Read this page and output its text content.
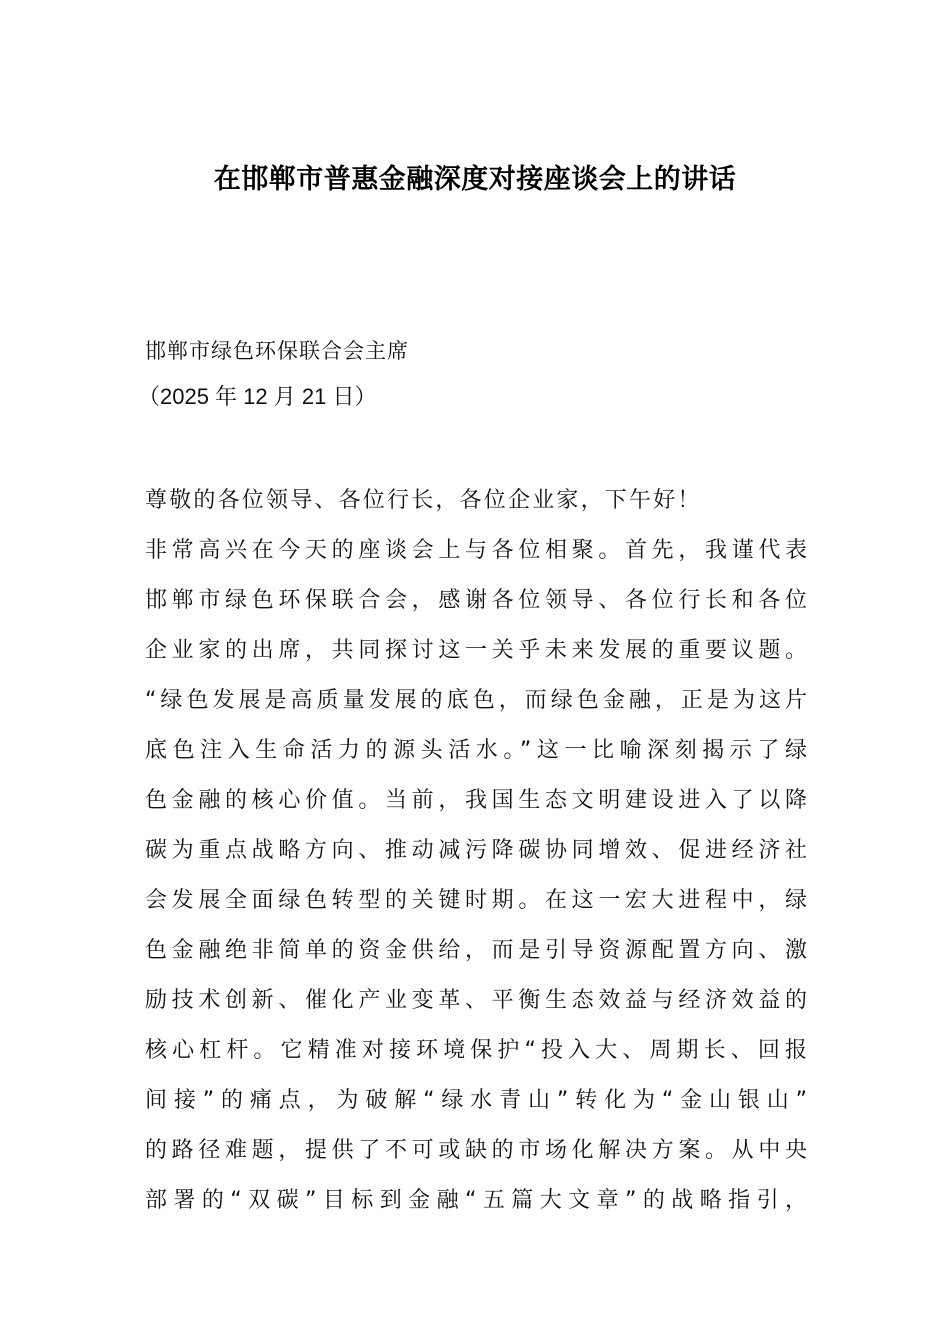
在邯郸市普惠金融深度对接座谈会上的讲话
邯郸市绿色环保联合会主席
（2025 年 12 月 21 日）
尊敬的各位领导、各位行长，各位企业家，下午好！
非常高兴在今天的座谈会上与各位相聚。首先，我谨代表
邯郸市绿色环保联合会，感谢各位领导、各位行长和各位
企业家的出席，共同探讨这一关乎未来发展的重要议题。
“绿色发展是高质量发展的底色，而绿色金融，正是为这片
底色注入生命活力的源头活水。”这一比喻深刻揭示了绿
色金融的核心价值。当前，我国生态文明建设进入了以降
碳为重点战略方向、推动减污降碳协同增效、促进经济社
会发展全面绿色转型的关键时期。在这一宏大进程中，绿
色金融绝非简单的资金供给，而是引导资源配置方向、激
励技术创新、催化产业变革、平衡生态效益与经济效益的
核心杠杆。它精准对接环境保护“投入大、周期长、回报
间接”的痛点，为破解“绿水青山”转化为“金山银山”
的路径难题，提供了不可或缺的市场化解决方案。从中央
部署的“双碳”目标到金融“五篇大文章”的战略指引，
